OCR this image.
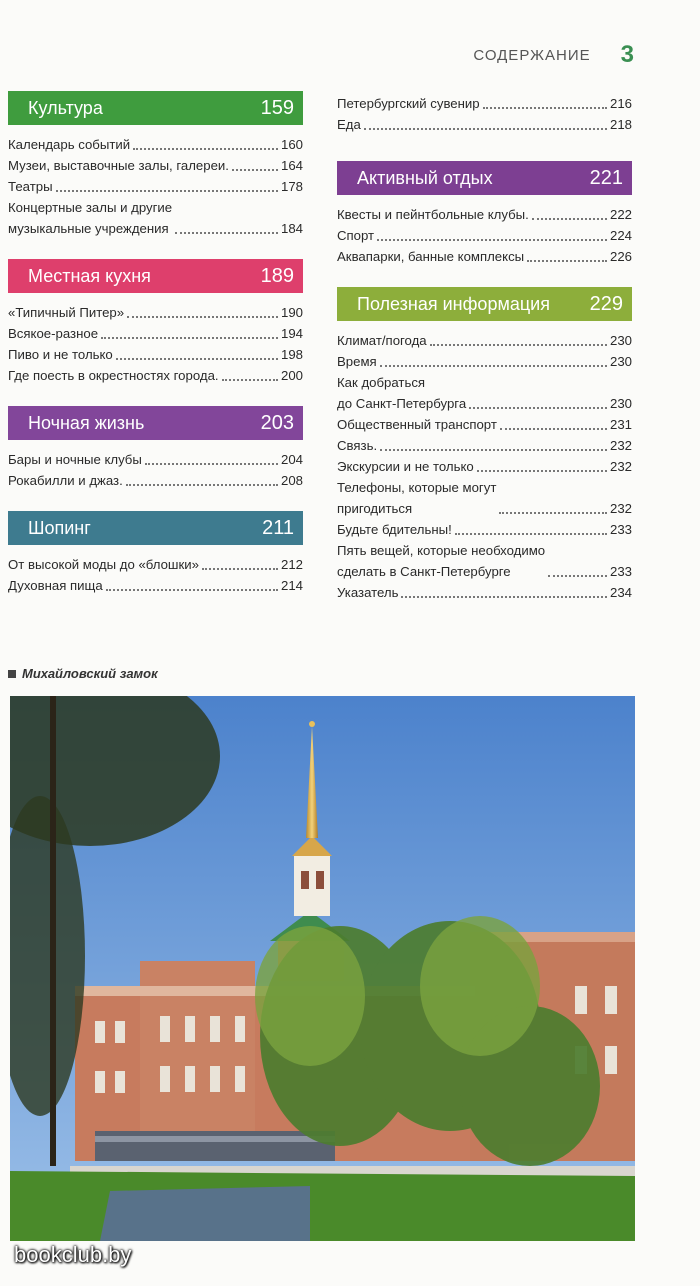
СОДЕРЖАНИЕ 3
Культура	159
Календарь событий	160
Музеи, выставочные залы, галереи.	164
Театры	178
Концертные залы и другие
музыкальные учреждения	184
Местная кухня	189
«Типичный Питер»	190
Всякое-разное	194
Пиво и не только	198
Где поесть в окрестностях города.	200
Ночная жизнь	203
Бары и ночные клубы	204
Рокабилли и джаз.	208
Шопинг	211
От высокой моды до «блошки»	212
Духовная пища	214
Петербургский сувенир	216
Еда	218
Активный отдых	221
Квесты и пейнтбольные клубы.	222
Спорт	224
Аквапарки, банные комплексы	226
Полезная информация 229
Климат/погода	230
Время	230
Как добраться
до Санкт-Петербурга	230
Общественный транспорт	231
Связь.	232
Экскурсии и не только	232
Телефоны, которые могут
пригодиться	232
Будьте бдительны!	233
Пять вещей, которые необходимо
сделать в Санкт-Петербурге	233
Указатель	234
Михайловский замок
bookclub.by
